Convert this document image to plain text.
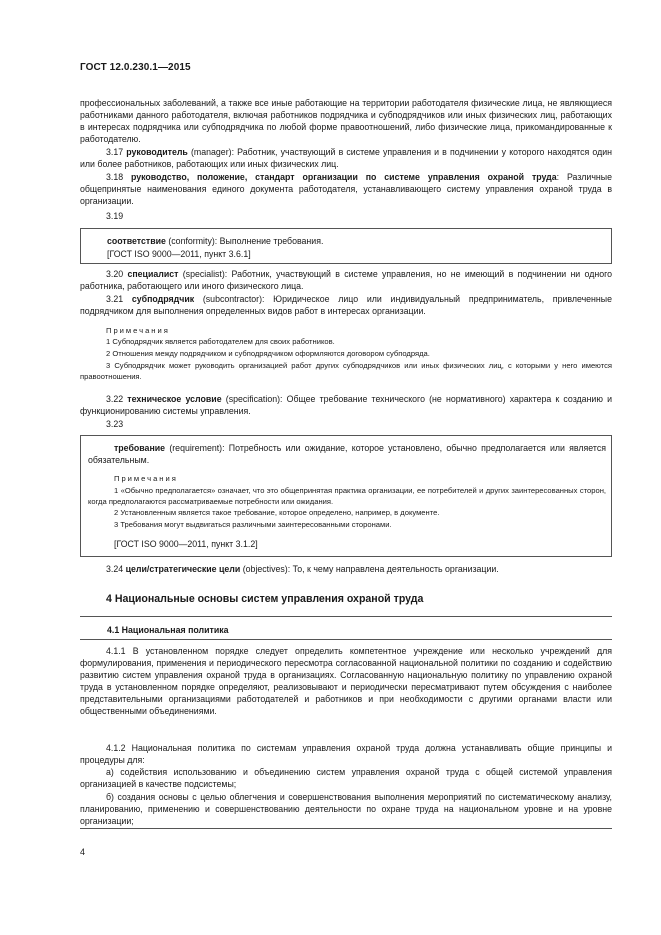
ГОСТ 12.0.230.1—2015

профессиональных заболеваний, а также все иные работающие на территории работодателя физические лица, не являющиеся работниками данного работодателя, включая работников подрядчика и субподрядчиков или иных физических лиц, работающих в интересах подрядчика или субподрядчика по любой форме правоотношений, либо физические лица, прикомандированные к работодателю.

3.17 руководитель (manager): Работник, участвующий в системе управления и в подчинении у которого находятся один или более работников, работающих или иных физических лиц.

3.18 руководство, положение, стандарт организации по системе управления охраной труда: Различные общепринятые наименования единого документа работодателя, устанавливающего систему управления охраной труда в организации.

3.19

соответствие (conformity): Выполнение требования.

[ГОСТ ISO 9000—2011, пункт 3.6.1]

3.20 специалист (specialist): Работник, участвующий в системе управления, но не имеющий в подчинении ни одного работника, работающего или иного физического лица.

3.21 субподрядчик (subcontractor): Юридическое лицо или индивидуальный предприниматель, привлеченные подрядчиком для выполнения определенных видов работ в интересах организации.

Примечания

1 Субподрядчик является работодателем для своих работников.

2 Отношения между подрядчиком и субподрядчиком оформляются договором субподряда.

3 Субподрядчик может руководить организацией работ других субподрядчиков или иных физических лиц, с которыми у него имеются правоотношения.

3.22 техническое условие (specification): Общее требование технического (не нормативного) характера к созданию и функционированию системы управления.

3.23

требование (requirement): Потребность или ожидание, которое установлено, обычно предполагается или является обязательным.

Примечания

1 «Обычно предполагается» означает, что это общепринятая практика организации, ее потребителей и других заинтересованных сторон, когда предполагаются рассматриваемые потребности или ожидания.

2 Установленным является такое требование, которое определено, например, в документе.

3 Требования могут выдвигаться различными заинтересованными сторонами.

[ГОСТ ISO 9000—2011, пункт 3.1.2]

3.24 цели/стратегические цели (objectives): То, к чему направлена деятельность организации.

4 Национальные основы систем управления охраной труда
4.1 Национальная политика

4.1.1 В установленном порядке следует определить компетентное учреждение или несколько учреждений для формулирования, применения и периодического пересмотра согласованной национальной политики по созданию и содействию развитию систем управления охраной труда в организациях. Согласованную национальную политику по управлению охраной труда в установленном порядке определяют, реализовывают и периодически пересматривают путем обсуждения с наиболее представительными организациями работодателей и работников и при необходимости с другими органами власти или общественными объединениями.

4.1.2 Национальная политика по системам управления охраной труда должна устанавливать общие принципы и процедуры для:

а) содействия использованию и объединению систем управления охраной труда с общей системой управления организацией в качестве подсистемы;

б) создания основы с целью облегчения и совершенствования выполнения мероприятий по систематическому анализу, планированию, применению и совершенствованию деятельности по охране труда на национальном уровне и на уровне организации;

4
